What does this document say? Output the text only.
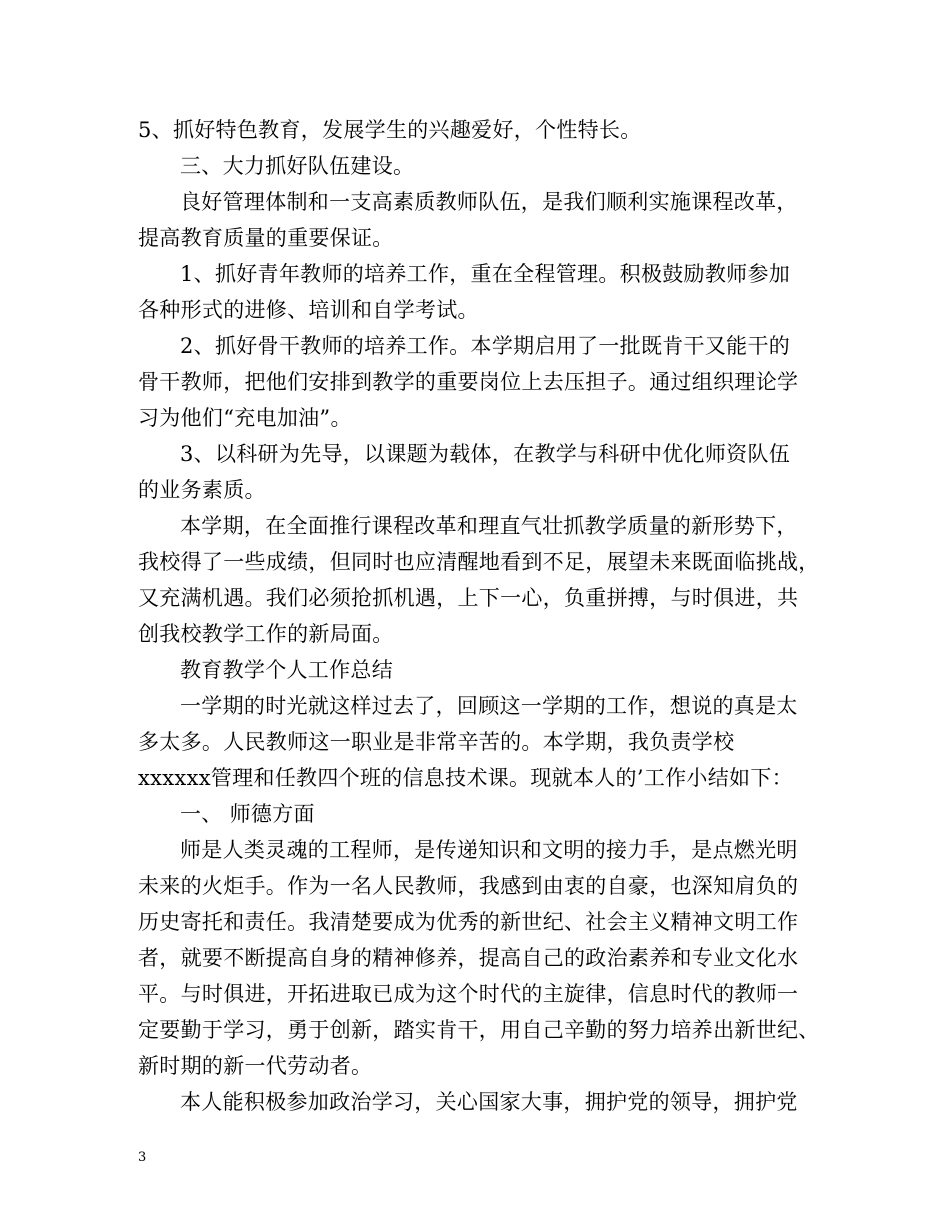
5、抓好特色教育，发展学生的兴趣爱好，个性特长。
三、大力抓好队伍建设。
良好管理体制和一支高素质教师队伍，是我们顺利实施课程改革，
提高教育质量的重要保证。
1、抓好青年教师的培养工作，重在全程管理。积极鼓励教师参加
各种形式的进修、培训和自学考试。
2、抓好骨干教师的培养工作。本学期启用了一批既肯干又能干的
骨干教师，把他们安排到教学的重要岗位上去压担子。通过组织理论学
习为他们“充电加油”。
3、以科研为先导，以课题为载体，在教学与科研中优化师资队伍
的业务素质。
本学期，在全面推行课程改革和理直气壮抓教学质量的新形势下，
我校得了一些成绩，但同时也应清醒地看到不足，展望未来既面临挑战，
又充满机遇。我们必须抢抓机遇，上下一心，负重拼搏，与时俱进，共
创我校教学工作的新局面。
教育教学个人工作总结
一学期的时光就这样过去了，回顾这一学期的工作，想说的真是太
多太多。人民教师这一职业是非常辛苦的。本学期，我负责学校
xxxxxx管理和任教四个班的信息技术课。现就本人的’工作小结如下：
一、 师德方面
师是人类灵魂的工程师，是传递知识和文明的接力手，是点燃光明
未来的火炬手。作为一名人民教师，我感到由衷的自豪，也深知肩负的
历史寄托和责任。我清楚要成为优秀的新世纪、社会主义精神文明工作
者，就要不断提高自身的精神修养，提高自己的政治素养和专业文化水
平。与时俱进，开拓进取已成为这个时代的主旋律，信息时代的教师一
定要勤于学习，勇于创新，踏实肯干，用自己辛勤的努力培养出新世纪、
新时期的新一代劳动者。
本人能积极参加政治学习，关心国家大事，拥护党的领导，拥护党
3
